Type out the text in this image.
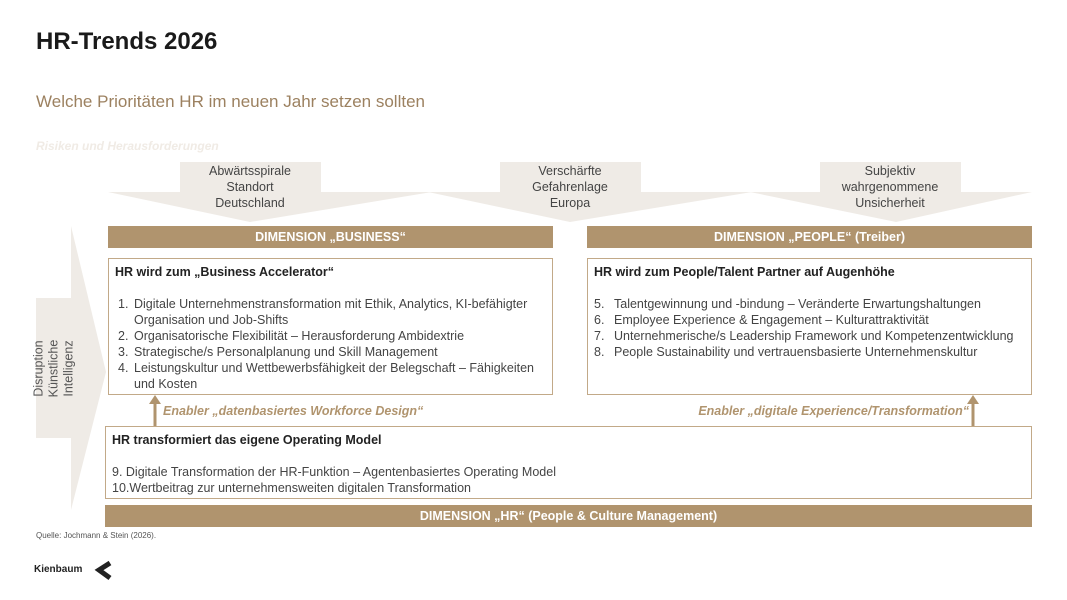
HR-Trends 2026
Welche Prioritäten HR im neuen Jahr setzen sollten
Risiken und Herausforderungen
Abwärtsspirale
Standort
Deutschland
Verschärfte
Gefahrenlage
Europa
Subjektiv
wahrgenommene
Unsicherheit
Disruption Künstliche Intelligenz
DIMENSION „BUSINESS“
HR wird zum „Business Accelerator“
1. Digitale Unternehmenstransformation mit Ethik, Analytics, KI-befähigter Organisation und Job-Shifts
2. Organisatorische Flexibilität – Herausforderung Ambidextrie
3. Strategische/s Personalplanung und Skill Management
4. Leistungskultur und Wettbewerbsfähigkeit der Belegschaft – Fähigkeiten und Kosten
DIMENSION „PEOPLE“ (Treiber)
HR wird zum People/Talent Partner auf Augenhöhe
5. Talentgewinnung und -bindung – Veränderte Erwartungshaltungen
6. Employee Experience & Engagement – Kulturattraktivität
7. Unternehmerische/s Leadership Framework und Kompetenzentwicklung
8. People Sustainability und vertrauensbasierte Unternehmenskultur
Enabler „datenbasiertes Workforce Design“	Enabler „digitale Experience/Transformation“
HR transformiert das eigene Operating Model
9. Digitale Transformation der HR-Funktion – Agentenbasiertes Operating Model
10.Wertbeitrag zur unternehmensweiten digitalen Transformation
DIMENSION „HR“ (People & Culture Management)
Quelle: Jochmann & Stein (2026).
Kienbaum
